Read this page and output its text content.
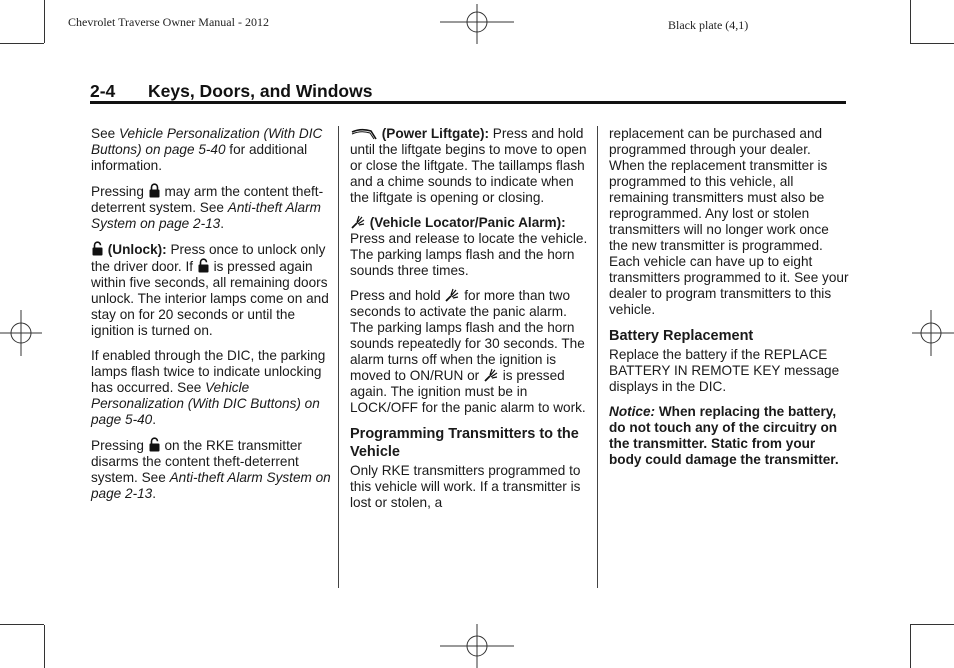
Chevrolet Traverse Owner Manual - 2012	Black plate (4,1)
2-4 Keys, Doors, and Windows

See Vehicle Personalization (With DIC Buttons) on page 5-40 for additional information.

Pressing
may arm the content theft-deterrent system. See Anti-theft Alarm System on page 2-13.

(Unlock): Press once to unlock only the driver door. If
is pressed again within five seconds, all remaining doors unlock. The interior lamps come on and stay on for 20 seconds or until the ignition is turned on.

If enabled through the DIC, the parking lamps flash twice to indicate unlocking has occurred. See Vehicle Personalization (With DIC Buttons) on page 5-40.

Pressing
on the RKE transmitter disarms the content theft-deterrent system. See Anti-theft Alarm System on page 2-13.

(Power Liftgate): Press and hold until the liftgate begins to move to open or close the liftgate. The taillamps flash and a chime sounds to indicate when the liftgate is opening or closing.

(Vehicle Locator/Panic Alarm): Press and release to locate the vehicle. The parking lamps flash and the horn sounds three times.

Press and hold
for more than two seconds to activate the panic alarm. The parking lamps flash and the horn sounds repeatedly for 30 seconds. The alarm turns off when the ignition is moved to ON/RUN or
is pressed again. The ignition must be in LOCK/OFF for the panic alarm to work.

Programming Transmitters to the Vehicle

Only RKE transmitters programmed to this vehicle will work. If a transmitter is lost or stolen, a

replacement can be purchased and programmed through your dealer. When the replacement transmitter is programmed to this vehicle, all remaining transmitters must also be reprogrammed. Any lost or stolen transmitters will no longer work once the new transmitter is programmed. Each vehicle can have up to eight transmitters programmed to it. See your dealer to program transmitters to this vehicle.

Battery Replacement

Replace the battery if the REPLACE BATTERY IN REMOTE KEY message displays in the DIC.

Notice: When replacing the battery, do not touch any of the circuitry on the transmitter. Static from your body could damage the transmitter.
